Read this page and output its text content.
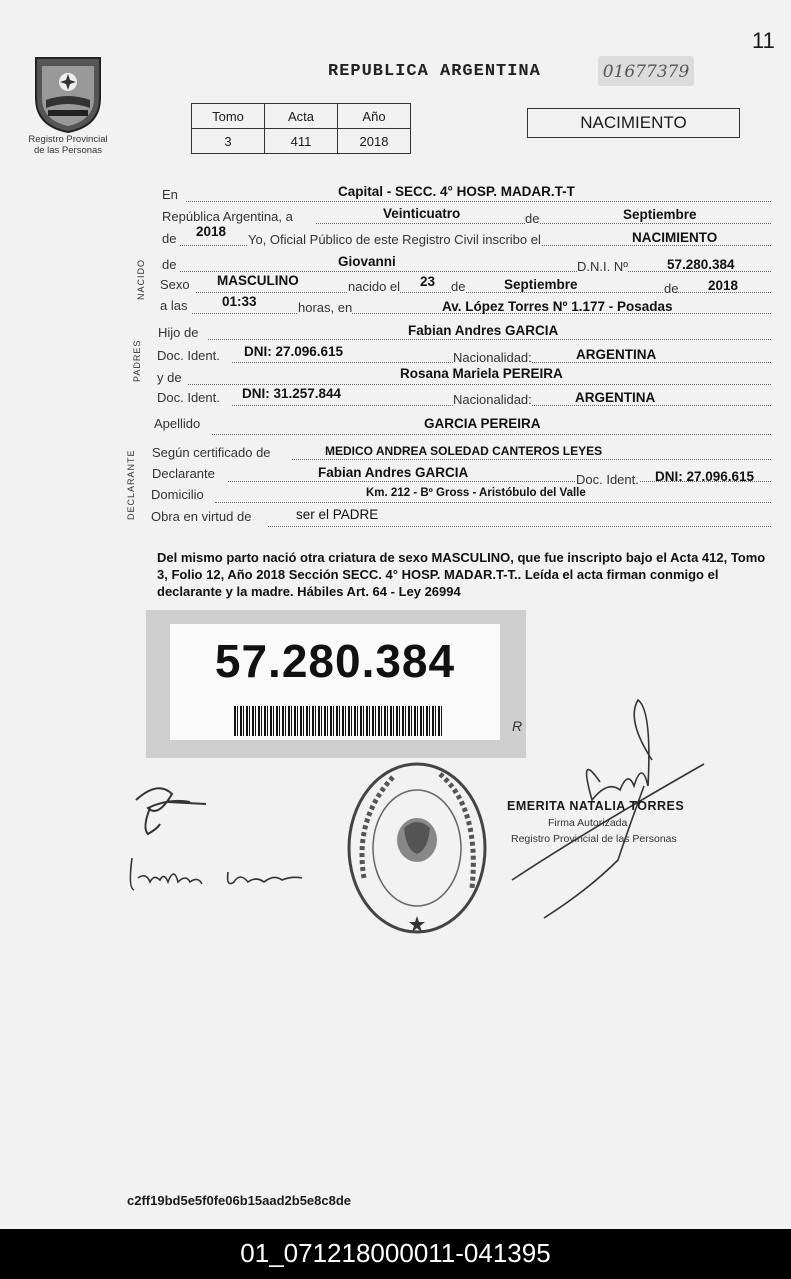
11
Registro Provincial
de las Personas
REPUBLICA ARGENTINA	01677379
Tomo	Acta	Año
3	411	2018
NACIMIENTO
NACIDO
PADRES
DECLARANTE
En	Capital - SECC. 4° HOSP. MADAR.T-T
República Argentina, a	Veinticuatro	de	Septiembre
de 2018
Yo, Oficial Público de este Registro Civil inscribo el	NACIMIENTO
de	Giovanni	D.N.I. Nº	57.280.384
Sexo MASCULINO	nacido el 23 de	Septiembre	de 2018
a las	01:33	horas, en	Av. López Torres Nº 1.177 - Posadas
Hijo de	Fabian Andres GARCIA
Doc. Ident. DNI: 27.096.615	Nacionalidad:	ARGENTINA
y de	Rosana Mariela PEREIRA
Doc. Ident. DNI: 31.257.844	Nacionalidad:	ARGENTINA
Apellido	GARCIA PEREIRA
Según certificado de	MEDICO ANDREA SOLEDAD CANTEROS LEYES
Declarante	Fabian Andres GARCIA	Doc. Ident. DNI: 27.096.615
Domicilio	Km. 212 - Bº Gross - Aristóbulo del Valle
Obra en virtud de	ser el PADRE
Del mismo parto nació otra criatura de sexo MASCULINO, que fue inscripto bajo el Acta 412, Tomo 3, Folio 12, Año 2018 Sección SECC. 4° HOSP. MADAR.T-T.. Leída el acta firman conmigo el declarante y la madre. Hábiles Art. 64 - Ley 26994
57.280.384
R
EMERITA NATALIA TORRES
Firma Autorizada
Registro Provincial de las Personas
c2ff19bd5e5f0fe06b15aad2b5e8c8de
01_071218000011-041395
